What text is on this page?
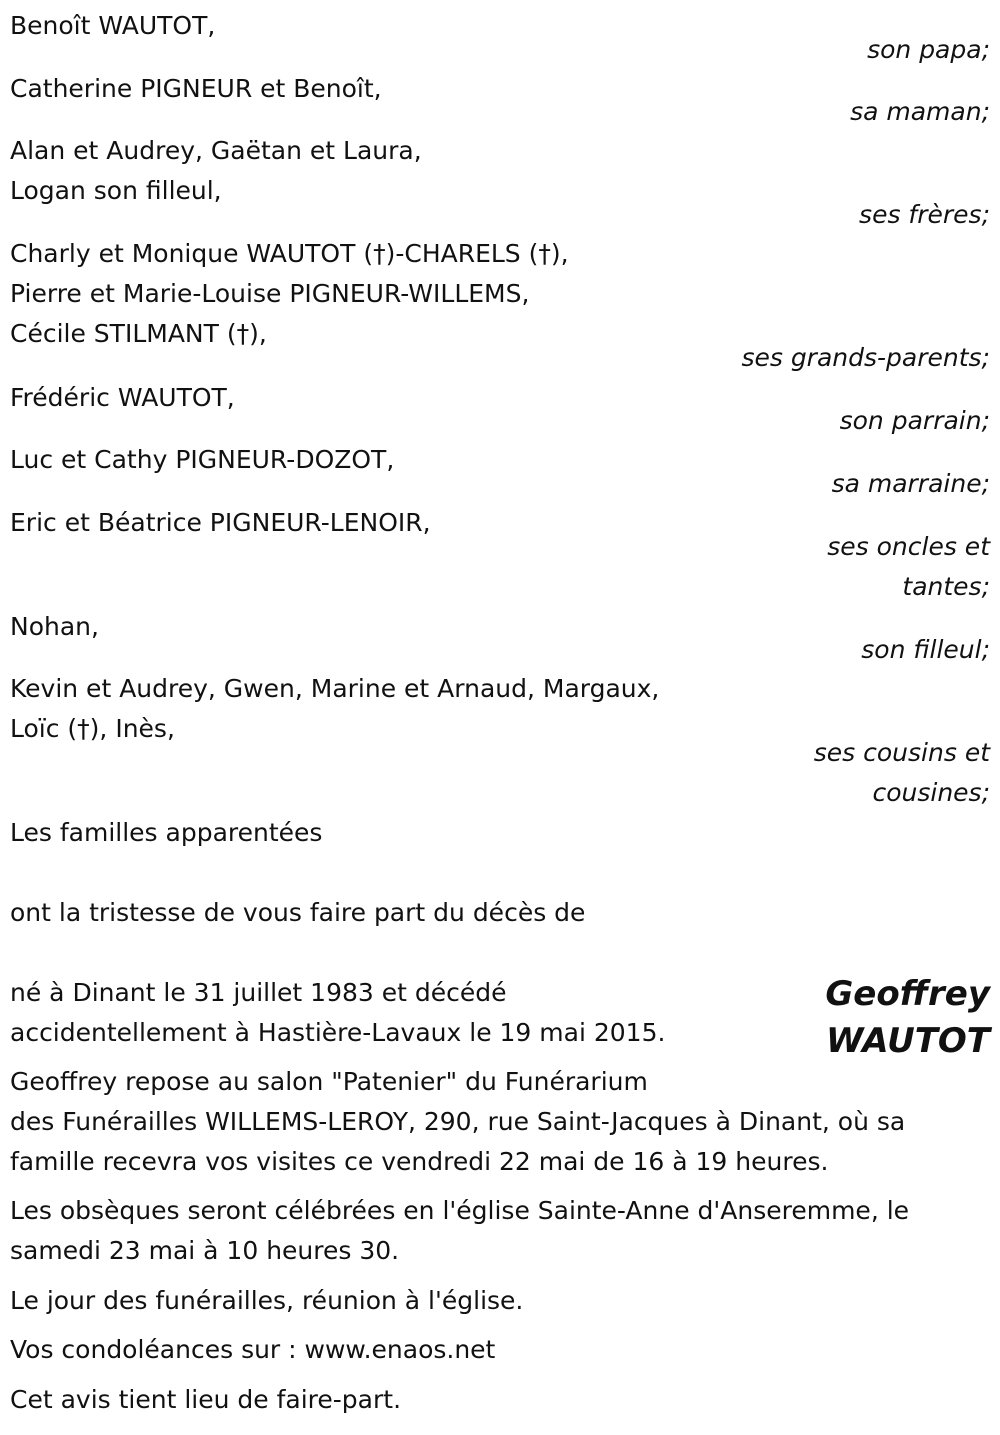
Benoît WAUTOT,
Catherine PIGNEUR et Benoît,
Alan et Audrey, Gaëtan et Laura,
Logan son filleul,
Charly et Monique WAUTOT (†)-CHARELS (†),
Pierre et Marie-Louise PIGNEUR-WILLEMS,
Cécile STILMANT (†),
Frédéric WAUTOT,
Luc et Cathy PIGNEUR-DOZOT,
Eric et Béatrice PIGNEUR-LENOIR,
Nohan,
Kevin et Audrey, Gwen, Marine et Arnaud, Margaux,
Loïc (†), Inès,
son papa;
sa maman;
ses frères;
ses grands-parents;
son parrain;
sa marraine;
ses oncles et
tantes;
son filleul;
ses cousins et
cousines;
Les familles apparentées
ont la tristesse de vous faire part du décès de
Geoffrey
WAUTOT
né à Dinant le 31 juillet 1983 et décédé
accidentellement à Hastière-Lavaux le 19 mai 2015.
Geoffrey repose au salon "Patenier" du Funérarium
des Funérailles WILLEMS-LEROY, 290, rue Saint-Jacques à Dinant, où sa
famille recevra vos visites ce vendredi 22 mai de 16 à 19 heures.
Les obsèques seront célébrées en l'église Sainte-Anne d'Anseremme, le
samedi 23 mai à 10 heures 30.
Le jour des funérailles, réunion à l'église.
Vos condoléances sur : www.enaos.net
Cet avis tient lieu de faire-part.
